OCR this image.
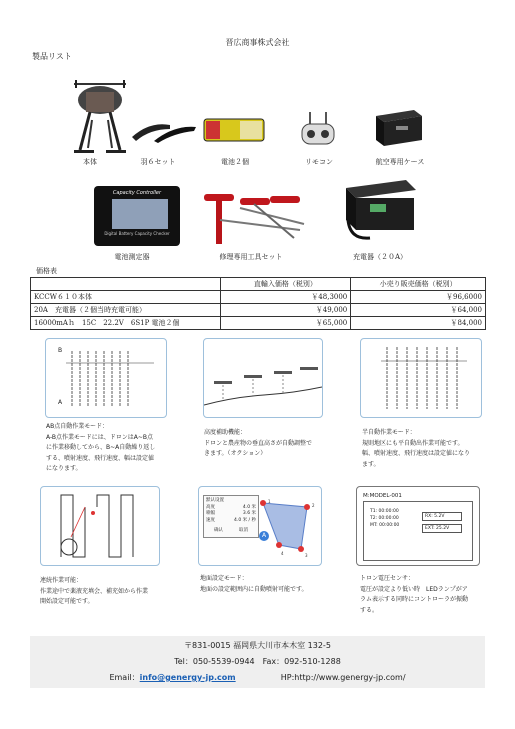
晋広商事株式会社
製品リスト
本体	羽６セット	電池２個	リモコン	航空専用ケース
Capacity Controller
Digital Battery Capacity Checker
電池測定器	修理専用工具セット	充電器（２０A）
価格表
	直輸入価格（税別）	小売り販売価格（税別）
KCCW６１０本体	￥48,3000	￥96,6000
20A　充電器（２個当時充電可能）	￥49,000	￥64,000
16000mAｈ　15C　22.2V　6S1P 電池２個	￥65,000	￥84,000
B
A
AB点自動作業モード：
A-B点作業モードには、ドロンはA~B点
に作業移動してから、B~A自動繰り返し
する、噴射速度、飛行速度、幅は設定値
になります。
高度補助機能：
ドロンと農産物の垂直高さが自動調整で
きます。（オクション）
半自動作業モード：
規則地区にも平自動出作業可能です。
幅、噴射速度、飛行速度は設定値になり
ます。
連続作業可能：
作業途中で薬液充填会、補充如から作業
開始設定可能です。
默认设置
高度	4.0 米
喷幅	3.6 米
速度	4.0 米 / 秒
确认	取消
1
2
3
4
A
地面設定モード：
地面の設定範囲内に自動噴射可能です。
M:MODEL-001
T1: 00:00:00
T2: 00:00:00
MT: 00:00:00
RX: 5.2V
EXT: 25.2V
トロン電圧センサ：
電圧が設定より低い時　LEDランプがア
ラム表示する同時にコントローラが振動
する。
〒831-0015 福岡県大川市本木室 132-5
Tel：050-5539-0944　Fax：092-510-1288
Email：info@genergy-jp.com	HP:http://www.genergy-jp.com/
